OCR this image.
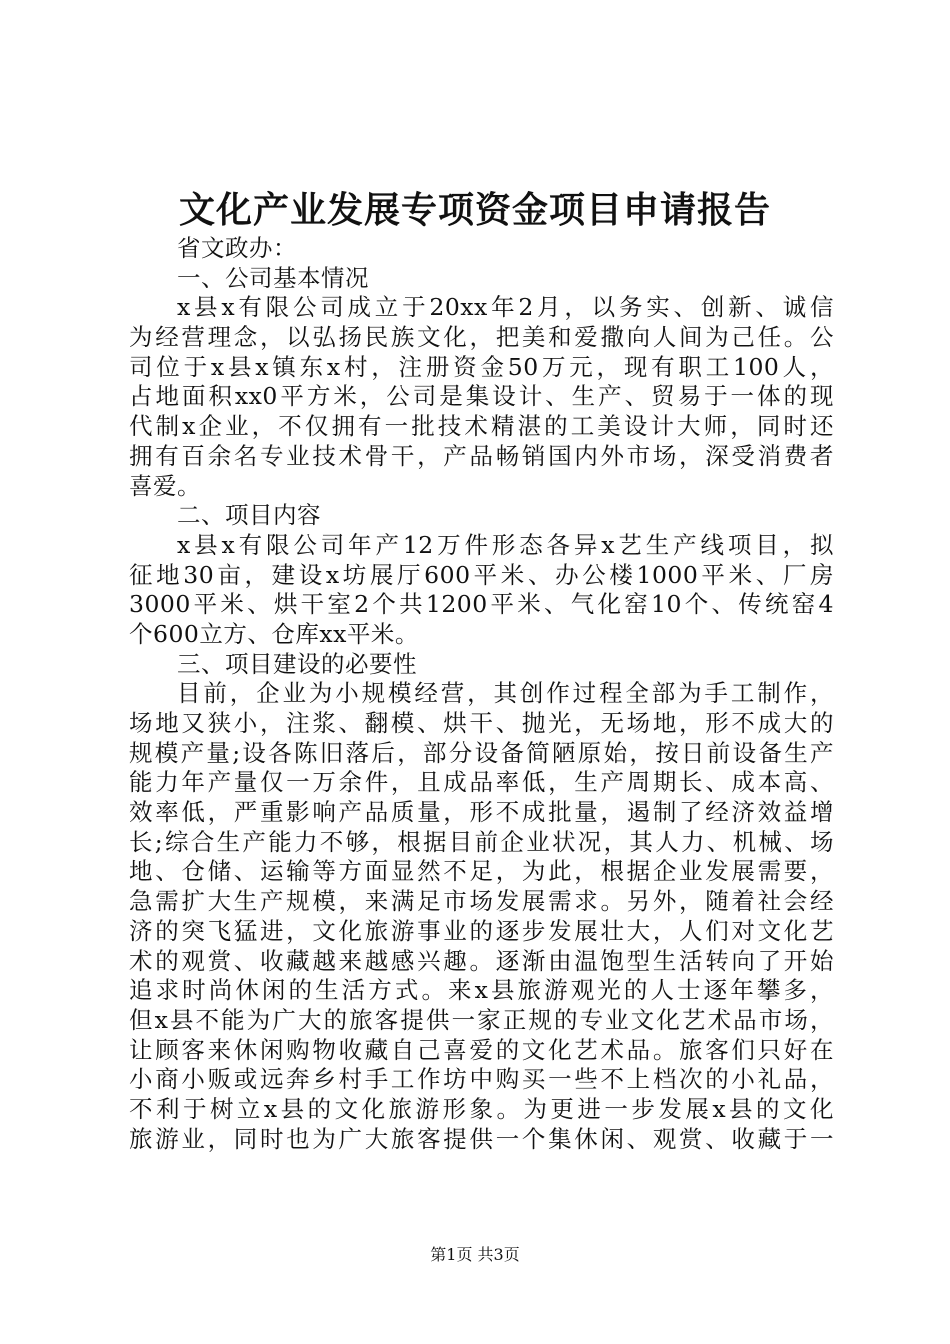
文化产业发展专项资金项目申请报告
省文政办：
一、公司基本情况
x县x有限公司成立于20xx年2月，以务实、创新、诚信
为经营理念，以弘扬民族文化，把美和爱撒向人间为己任。公
司位于x县x镇东x村，注册资金50万元，现有职工100人，
占地面积xx0平方米，公司是集设计、生产、贸易于一体的现
代制x企业，不仅拥有一批技术精湛的工美设计大师，同时还
拥有百余名专业技术骨干，产品畅销国内外市场，深受消费者
喜爱。
二、项目内容
x县x有限公司年产12万件形态各异x艺生产线项目，拟
征地30亩，建设x坊展厅600平米、办公楼1000平米、厂房
3000平米、烘干室2个共1200平米、气化窑10个、传统窑4
个600立方、仓库xx平米。
三、项目建设的必要性
目前，企业为小规模经营，其创作过程全部为手工制作，
场地又狭小，注浆、翻模、烘干、抛光，无场地，形不成大的
规模产量;设各陈旧落后，部分设备简陋原始，按日前设备生产
能力年产量仅一万余件，且成品率低，生产周期长、成本高、
效率低，严重影响产品质量，形不成批量，遏制了经济效益增
长;综合生产能力不够，根据目前企业状况，其人力、机械、场
地、仓储、运输等方面显然不足，为此，根据企业发展需要，
急需扩大生产规模，来满足市场发展需求。另外，随着社会经
济的突飞猛进，文化旅游事业的逐步发展壮大，人们对文化艺
术的观赏、收藏越来越感兴趣。逐渐由温饱型生活转向了开始
追求时尚休闲的生活方式。来x县旅游观光的人士逐年攀多，
但x县不能为广大的旅客提供一家正规的专业文化艺术品市场，
让顾客来休闲购物收藏自己喜爱的文化艺术品。旅客们只好在
小商小贩或远奔乡村手工作坊中购买一些不上档次的小礼品，
不利于树立x县的文化旅游形象。为更进一步发展x县的文化
旅游业，同时也为广大旅客提供一个集休闲、观赏、收藏于一
第1页 共3页
